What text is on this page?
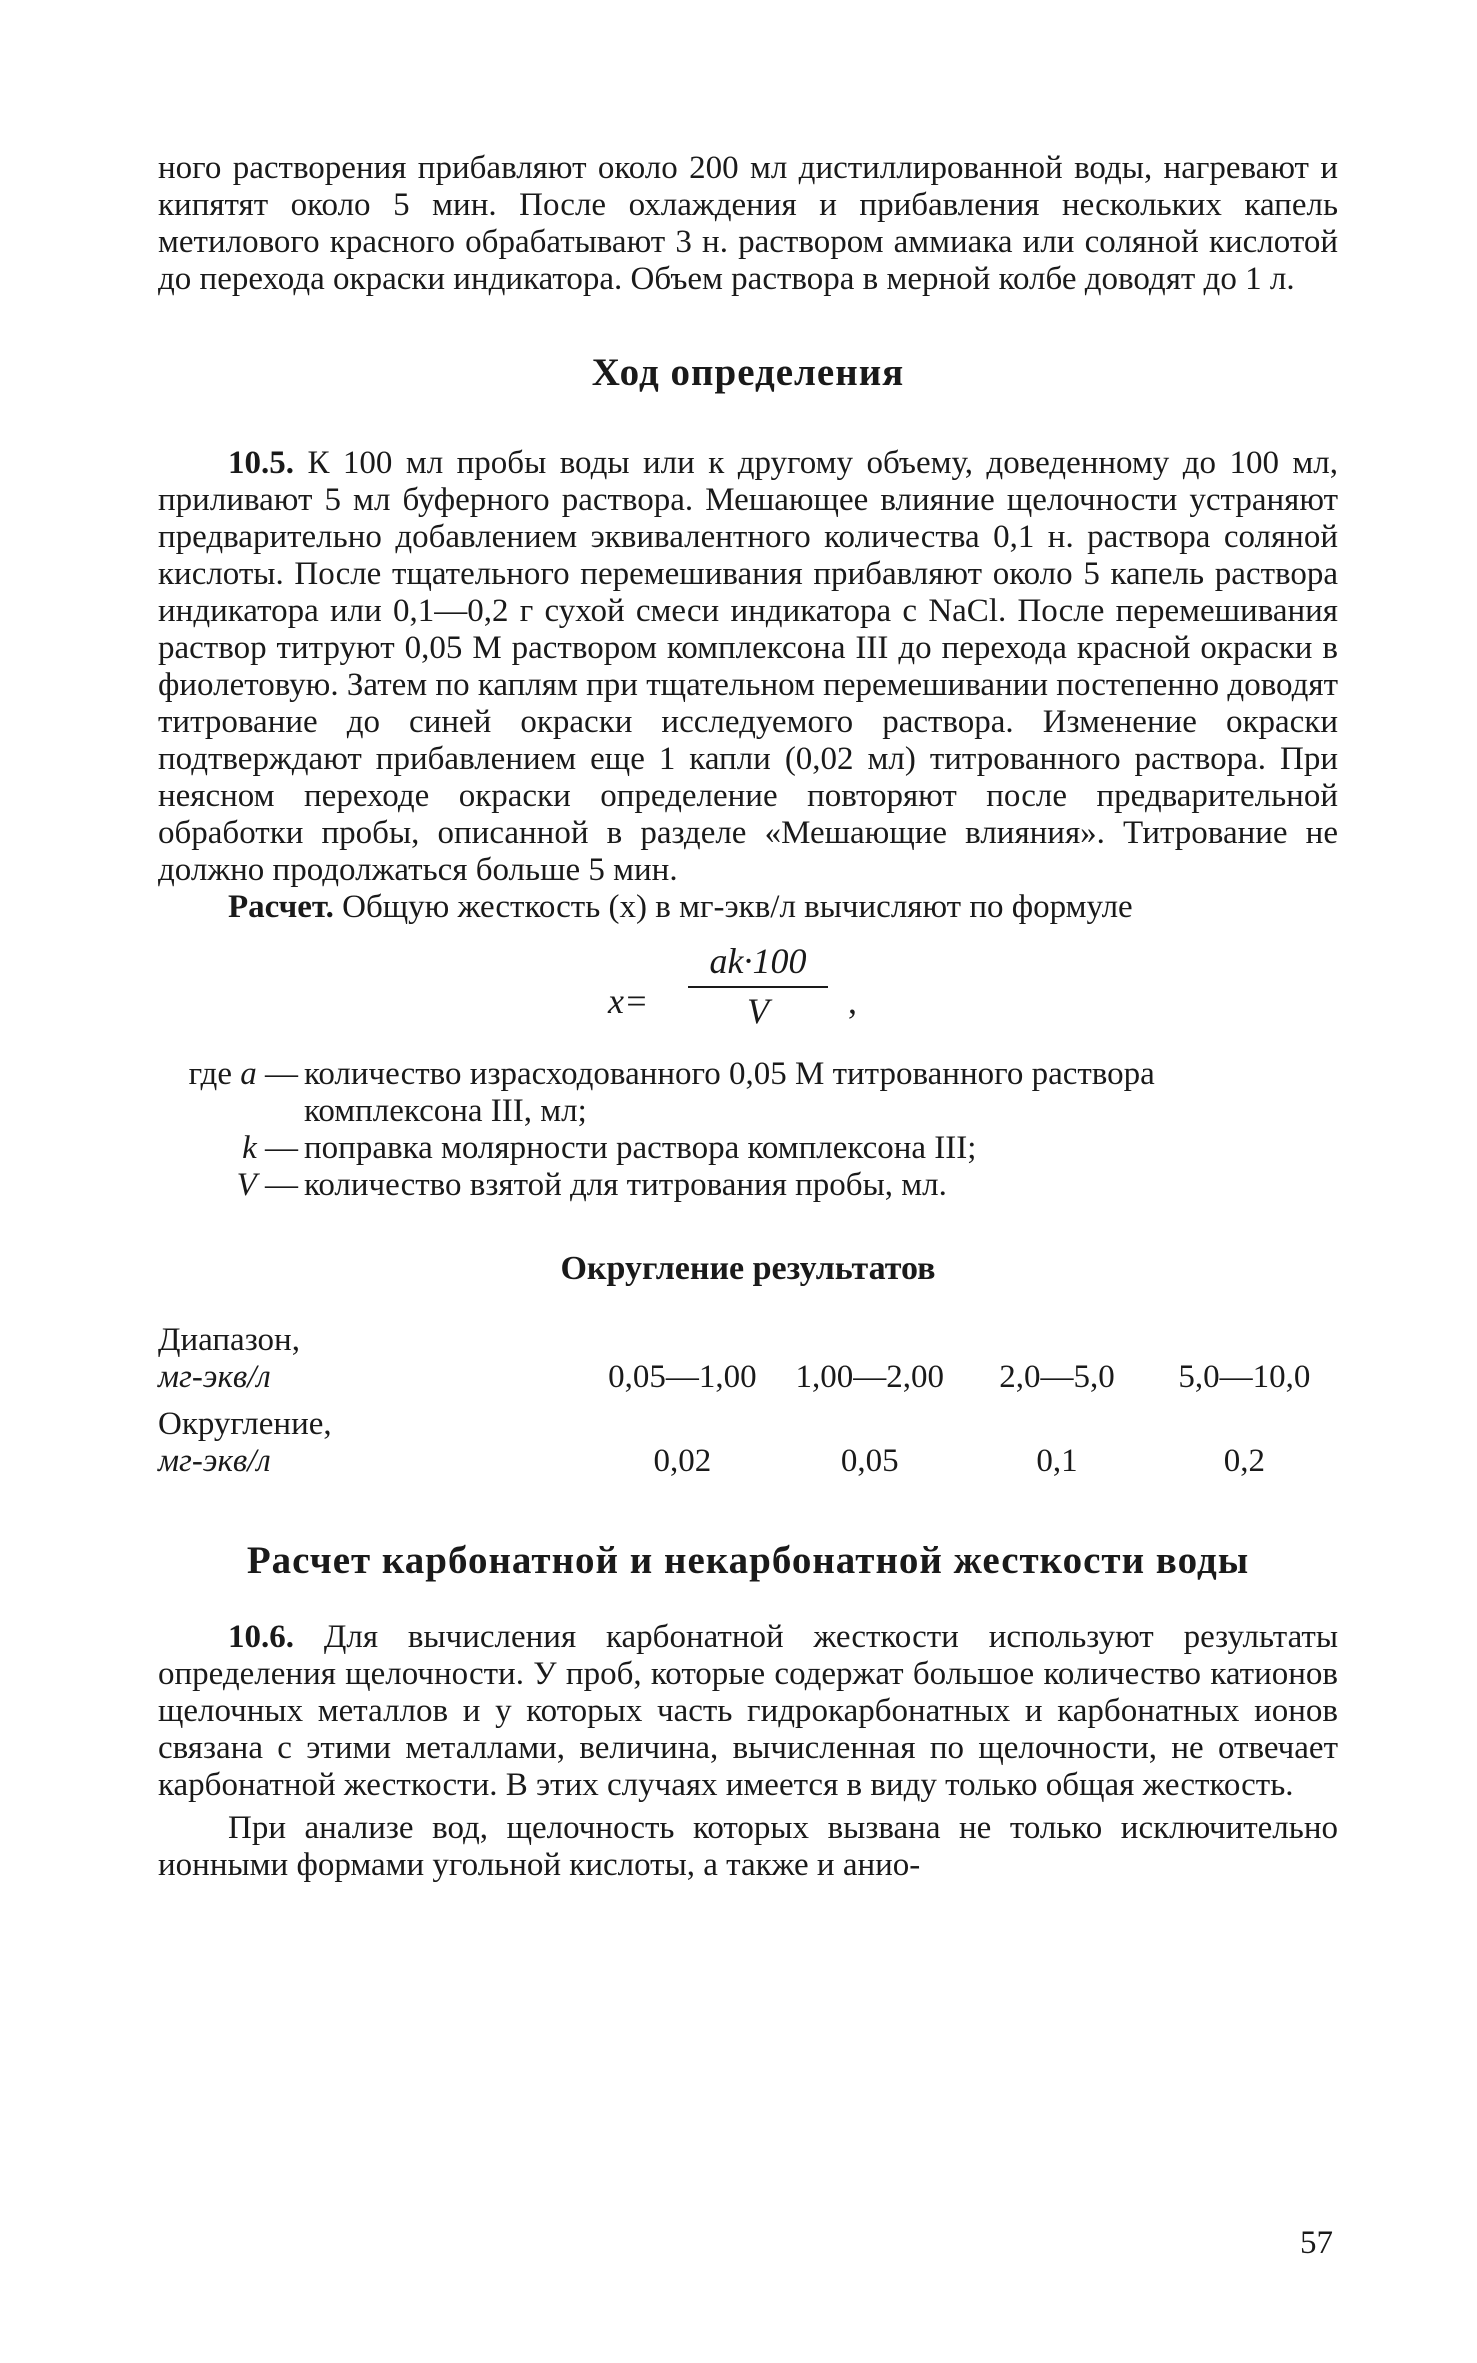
ного растворения прибавляют около 200 мл дистиллированной воды, нагревают и кипятят около 5 мин. После охлаждения и прибавления нескольких капель метилового красного обрабатывают 3 н. раствором аммиака или соляной кислотой до перехода окраски индикатора. Объем раствора в мерной колбе доводят до 1 л.

Ход определения

10.5. К 100 мл пробы воды или к другому объему, доведенному до 100 мл, приливают 5 мл буферного раствора. Мешающее влияние щелочности устраняют предварительно добавлением эквивалентного количества 0,1 н. раствора соляной кислоты. После тщательного перемешивания прибавляют около 5 капель раствора индикатора или 0,1—0,2 г сухой смеси индикатора с NaCl. После перемешивания раствор титруют 0,05 М раствором комплексона III до перехода красной окраски в фиолетовую. Затем по каплям при тщательном перемешивании постепенно доводят титрование до синей окраски исследуемого раствора. Изменение окраски подтверждают прибавлением еще 1 капли (0,02 мл) титрованного раствора. При неясном переходе окраски определение повторяют после предварительной обработки пробы, описанной в разделе «Мешающие влияния». Титрование не должно продолжаться больше 5 мин.

Расчет. Общую жесткость (х) в мг-экв/л вычисляют по формуле

х=
ak·100
V	,
где a — количество израсходованного 0,05 М титрованного раствора комплексона III, мл;
k — поправка молярности раствора комплексона III;
V — количество взятой для титрования пробы, мл.
Округление результатов
Диапазон,
мг-экв/л	0,05—1,00	1,00—2,00	2,0—5,0	5,0—10,0
Округление,
мг-экв/л	0,02	0,05	0,1	0,2
Расчет карбонатной и некарбонатной жесткости воды

10.6. Для вычисления карбонатной жесткости используют результаты определения щелочности. У проб, которые содержат большое количество катионов щелочных металлов и у которых часть гидрокарбонатных и карбонатных ионов связана с этими металлами, величина, вычисленная по щелочности, не отвечает карбонатной жесткости. В этих случаях имеется в виду только общая жесткость.

При анализе вод, щелочность которых вызвана не только исключительно ионными формами угольной кислоты, а также и анио-

57
